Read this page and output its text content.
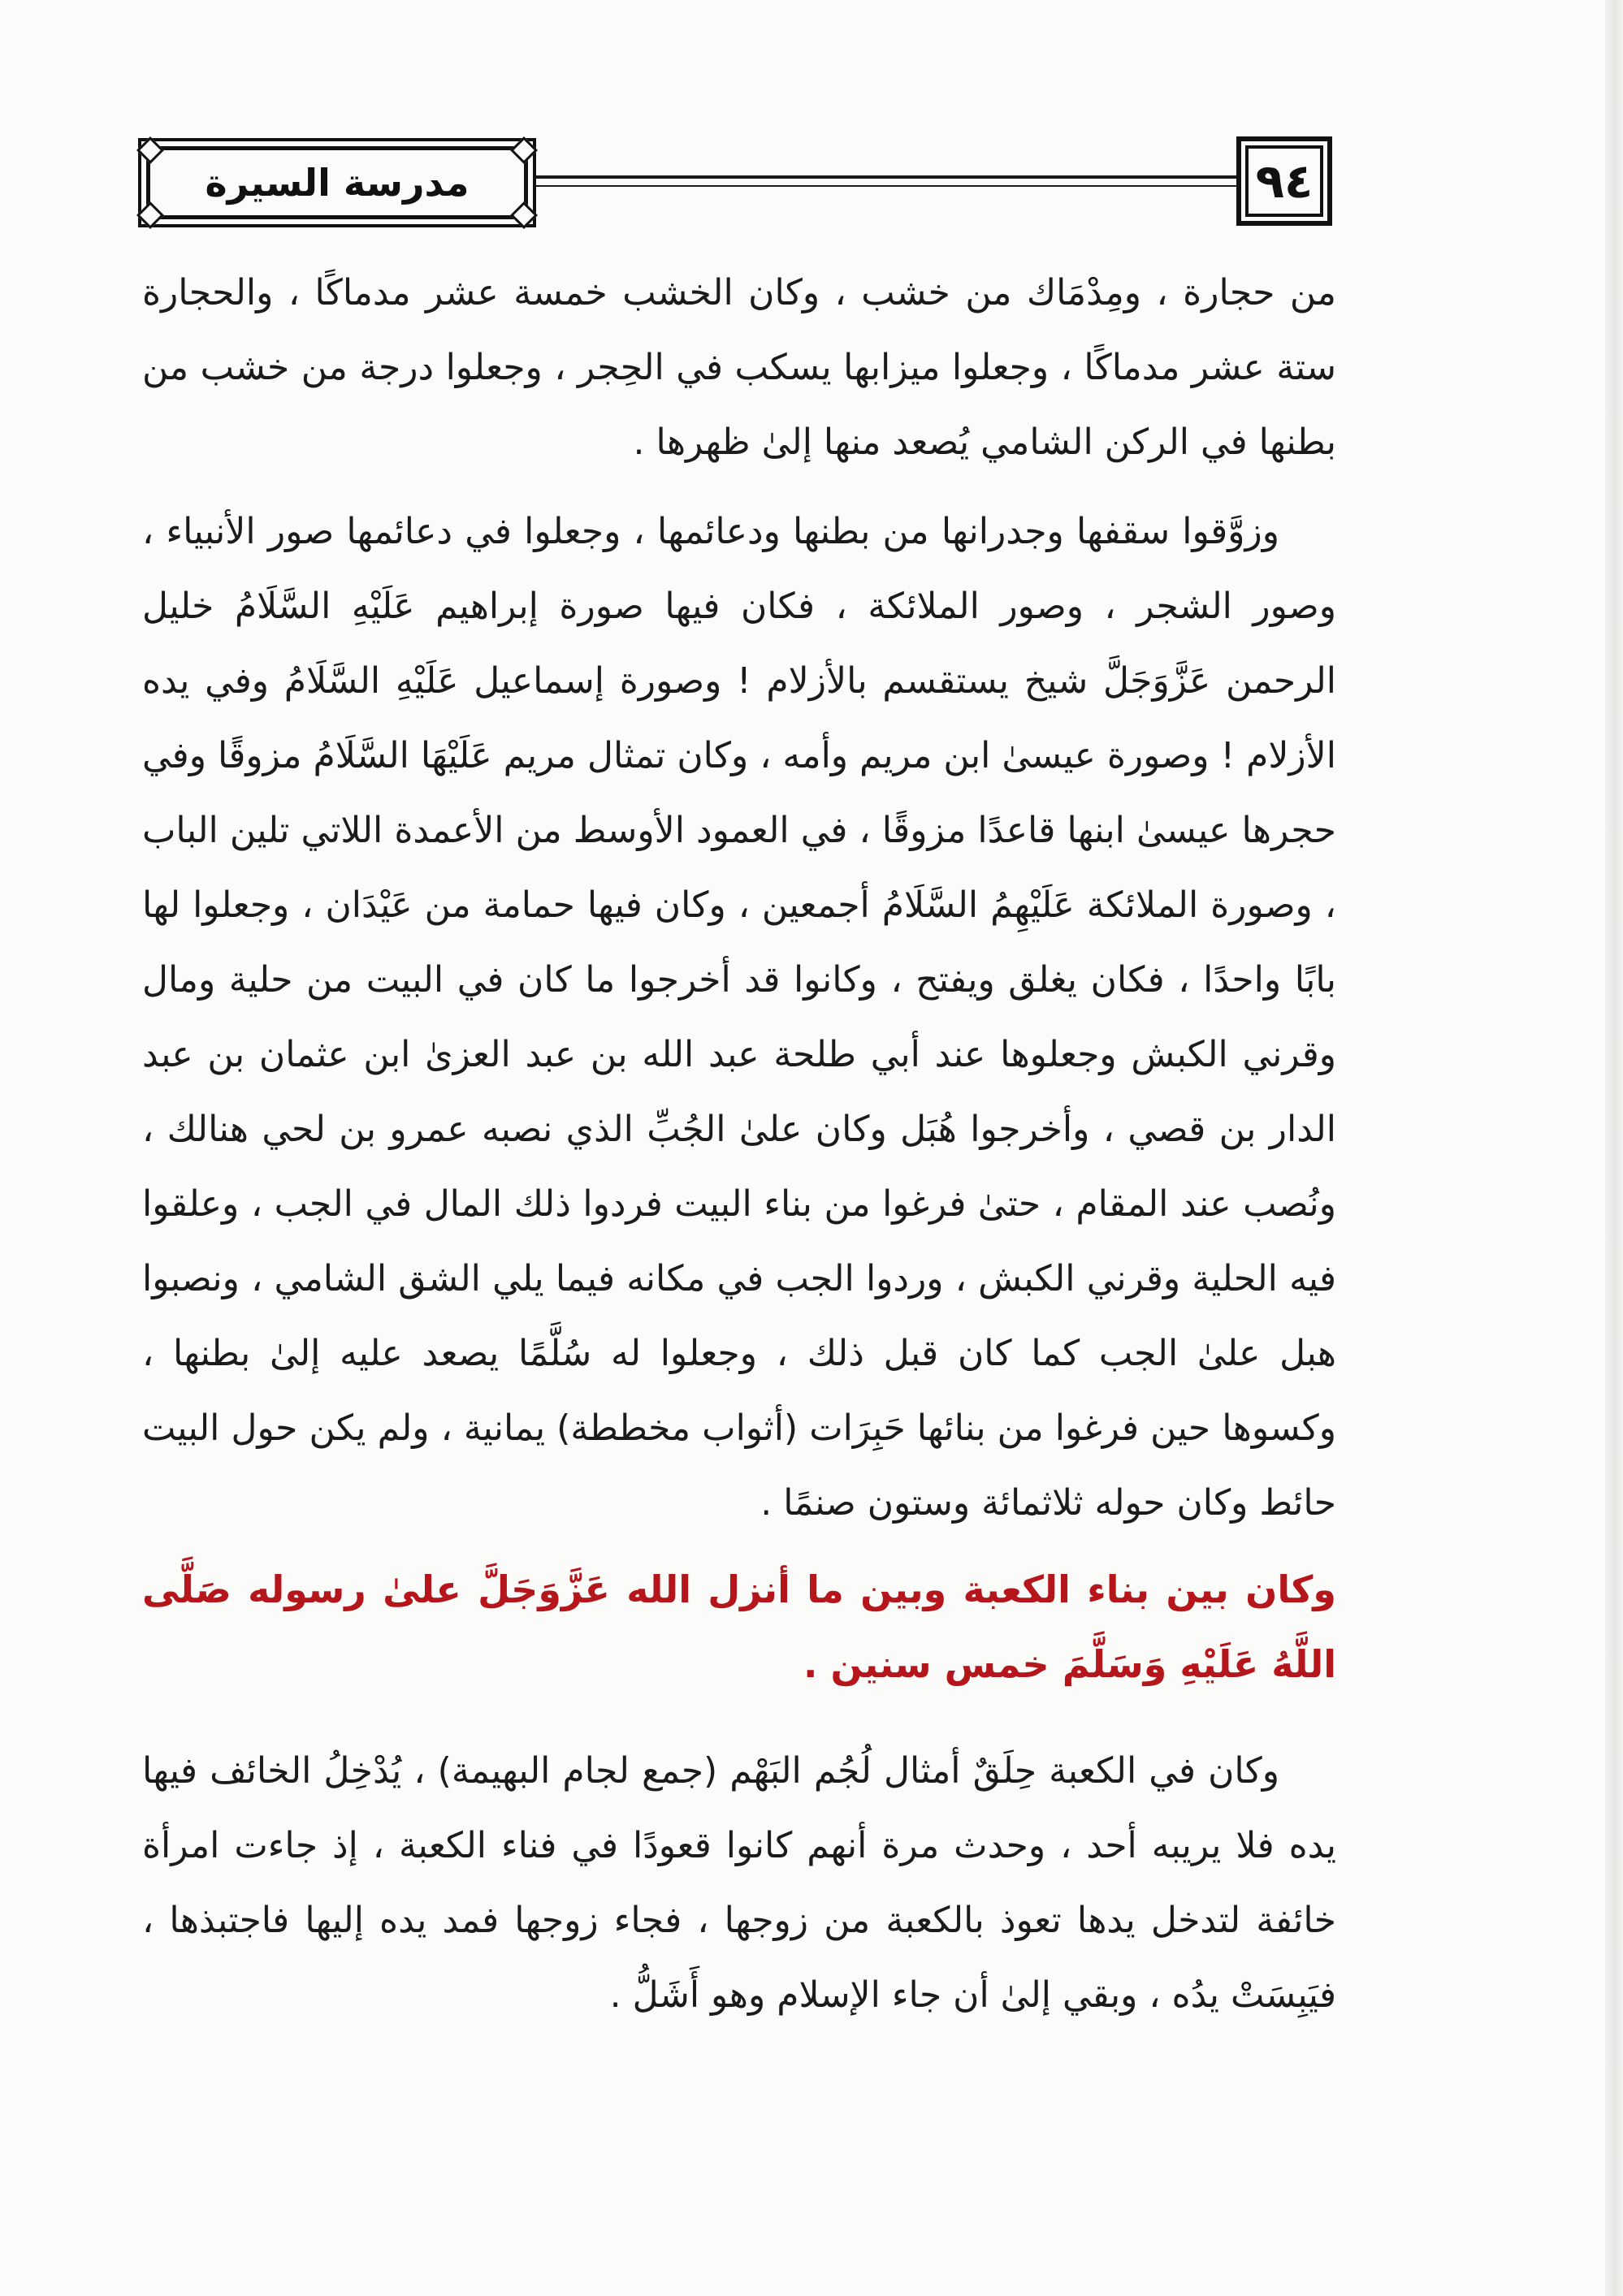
مدرسة السيرة	٩٤

من حجارة ، ومِدْمَاك من خشب ، وكان الخشب خمسة عشر مدماكًا ، والحجارة ستة عشر مدماكًا ، وجعلوا ميزابها يسكب في الحِجر ، وجعلوا درجة من خشب من بطنها في الركن الشامي يُصعد منها إلىٰ ظهرها .

وزوَّقوا سقفها وجدرانها من بطنها ودعائمها ، وجعلوا في دعائمها صور الأنبياء ، وصور الشجر ، وصور الملائكة ، فكان فيها صورة إبراهيم عَلَيْهِ السَّلَامُ خليل الرحمن عَزَّوَجَلَّ شيخ يستقسم بالأزلام ! وصورة إسماعيل عَلَيْهِ السَّلَامُ وفي يده الأزلام ! وصورة عيسىٰ ابن مريم وأمه ، وكان تمثال مريم عَلَيْهَا السَّلَامُ مزوقًا وفي حجرها عيسىٰ ابنها قاعدًا مزوقًا ، في العمود الأوسط من الأعمدة اللاتي تلين الباب ، وصورة الملائكة عَلَيْهِمُ السَّلَامُ أجمعين ، وكان فيها حمامة من عَيْدَان ، وجعلوا لها بابًا واحدًا ، فكان يغلق ويفتح ، وكانوا قد أخرجوا ما كان في البيت من حلية ومال وقرني الكبش وجعلوها عند أبي طلحة عبد الله بن عبد العزىٰ ابن عثمان بن عبد الدار بن قصي ، وأخرجوا هُبَل وكان علىٰ الجُبِّ الذي نصبه عمرو بن لحي هنالك ، ونُصب عند المقام ، حتىٰ فرغوا من بناء البيت فردوا ذلك المال في الجب ، وعلقوا فيه الحلية وقرني الكبش ، وردوا الجب في مكانه فيما يلي الشق الشامي ، ونصبوا هبل علىٰ الجب كما كان قبل ذلك ، وجعلوا له سُلَّمًا يصعد عليه إلىٰ بطنها ، وكسوها حين فرغوا من بنائها حَبِرَات (أثواب مخططة) يمانية ، ولم يكن حول البيت حائط وكان حوله ثلاثمائة وستون صنمًا .

وكان بين بناء الكعبة وبين ما أنزل الله عَزَّوَجَلَّ علىٰ رسوله صَلَّى اللَّهُ عَلَيْهِ وَسَلَّمَ خمس سنين .

وكان في الكعبة حِلَقٌ أمثال لُجُم البَهْم (جمع لجام البهيمة) ، يُدْخِلُ الخائف فيها يده فلا يريبه أحد ، وحدث مرة أنهم كانوا قعودًا في فناء الكعبة ، إذ جاءت امرأة خائفة لتدخل يدها تعوذ بالكعبة من زوجها ، فجاء زوجها فمد يده إليها فاجتبذها ، فيَبِسَتْ يدُه ، وبقي إلىٰ أن جاء الإسلام وهو أَشَلُّ .
